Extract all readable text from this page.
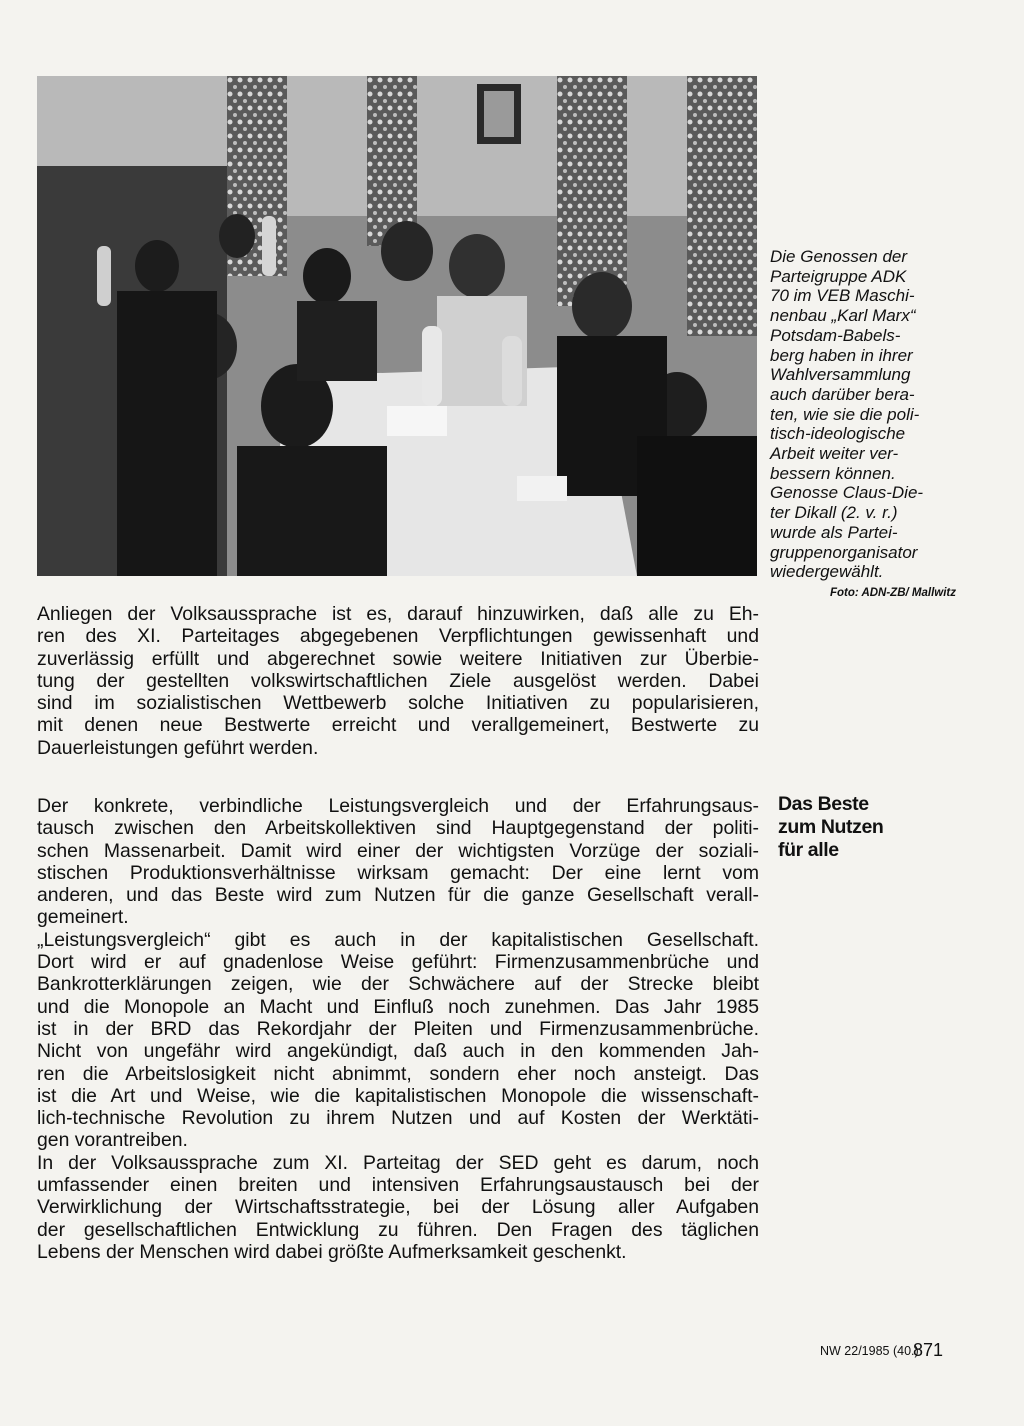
Die Genossen der
Parteigruppe ADK
70 im VEB Maschi-
nenbau „Karl Marx“
Potsdam-Babels-
berg haben in ihrer
Wahlversammlung
auch darüber bera-
ten, wie sie die poli-
tisch-ideologische
Arbeit weiter ver-
bessern können.
Genosse Claus-Die-
ter Dikall (2. v. r.)
wurde als Partei-
gruppenorganisator
wiedergewählt.
Foto: ADN-ZB/ Mallwitz
Anliegen der Volksaussprache ist es, darauf hinzuwirken, daß alle zu Eh-
ren des XI. Parteitages abgegebenen Verpflichtungen gewissenhaft und
zuverlässig erfüllt und abgerechnet sowie weitere Initiativen zur Überbie-
tung der gestellten volkswirtschaftlichen Ziele ausgelöst werden. Dabei
sind im sozialistischen Wettbewerb solche Initiativen zu popularisieren,
mit denen neue Bestwerte erreicht und verallgemeinert, Bestwerte zu
Dauerleistungen geführt werden.
Der konkrete, verbindliche Leistungsvergleich und der Erfahrungsaus-
tausch zwischen den Arbeitskollektiven sind Hauptgegenstand der politi-
schen Massenarbeit. Damit wird einer der wichtigsten Vorzüge der soziali-
stischen Produktionsverhältnisse wirksam gemacht: Der eine lernt vom
anderen, und das Beste wird zum Nutzen für die ganze Gesellschaft verall-
gemeinert.
„Leistungsvergleich“ gibt es auch in der kapitalistischen Gesellschaft.
Dort wird er auf gnadenlose Weise geführt: Firmenzusammenbrüche und
Bankrotterklärungen zeigen, wie der Schwächere auf der Strecke bleibt
und die Monopole an Macht und Einfluß noch zunehmen. Das Jahr 1985
ist in der BRD das Rekordjahr der Pleiten und Firmenzusammenbrüche.
Nicht von ungefähr wird angekündigt, daß auch in den kommenden Jah-
ren die Arbeitslosigkeit nicht abnimmt, sondern eher noch ansteigt. Das
ist die Art und Weise, wie die kapitalistischen Monopole die wissenschaft-
lich-technische Revolution zu ihrem Nutzen und auf Kosten der Werktäti-
gen vorantreiben.
In der Volksaussprache zum XI. Parteitag der SED geht es darum, noch
umfassender einen breiten und intensiven Erfahrungsaustausch bei der
Verwirklichung der Wirtschaftsstrategie, bei der Lösung aller Aufgaben
der gesellschaftlichen Entwicklung zu führen. Den Fragen des täglichen
Lebens der Menschen wird dabei größte Aufmerksamkeit geschenkt.
Das Beste
zum Nutzen
für alle
NW 22/1985 (40.)
871
